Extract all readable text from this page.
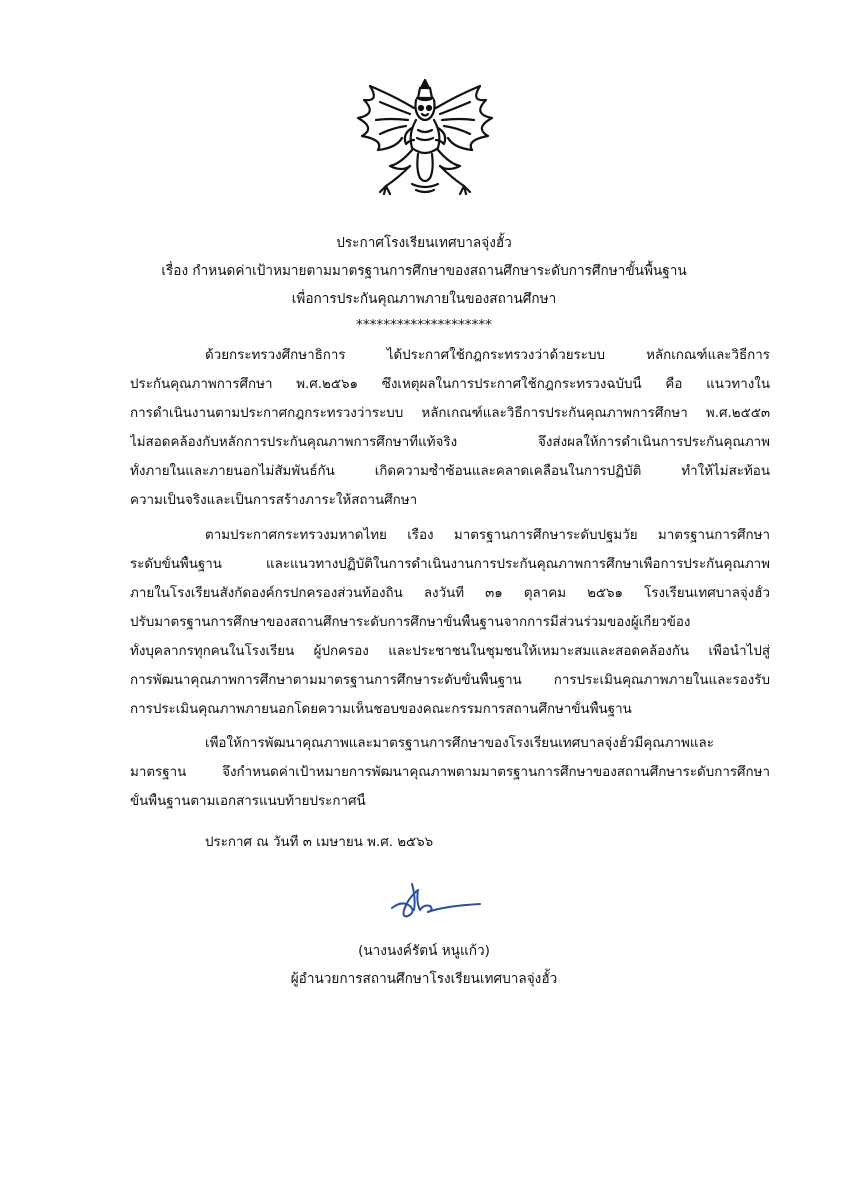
ประกาศโรงเรียนเทศบาลจุ่งฮั้ว
เรื่อง กำหนดค่าเป้าหมายตามมาตรฐานการศึกษาของสถานศึกษาระดับการศึกษาขั้นพื้นฐาน
เพื่อการประกันคุณภาพภายในของสถานศึกษา
********************
ด้วยกระทรวงศึกษาธิการ ได้ประกาศใช้กฎกระทรวงว่าด้วยระบบ หลักเกณฑ์และวิธีการ
ประกันคุณภาพการศึกษา พ.ศ.๒๕๖๑ ซึ่งเหตุผลในการประกาศใช้กฎกระทรวงฉบับนี้ คือ แนวทางใน
การดำเนินงานตามประกาศกฎกระทรวงว่าระบบ หลักเกณฑ์และวิธีการประกันคุณภาพการศึกษา พ.ศ.๒๕๕๓
ไม่สอดคล้องกับหลักการประกันคุณภาพการศึกษาที่แท้จริง จึงส่งผลให้การดำเนินการประกันคุณภาพ
ทั้งภายในและภายนอกไม่สัมพันธ์กัน เกิดความซ้ำซ้อนและคลาดเคลื่อนในการปฏิบัติ ทำให้ไม่สะท้อน
ความเป็นจริงและเป็นการสร้างภาระให้สถานศึกษา
ตามประกาศกระทรวงมหาดไทย เรื่อง มาตรฐานการศึกษาระดับปฐมวัย มาตรฐานการศึกษา
ระดับขั้นพื้นฐาน และแนวทางปฏิบัติในการดำเนินงานการประกันคุณภาพการศึกษาเพื่อการประกันคุณภาพ
ภายในโรงเรียนสังกัดองค์กรปกครองส่วนท้องถิ่น ลงวันที่ ๓๑ ตุลาคม ๒๕๖๑ โรงเรียนเทศบาลจุ่งฮั้ว
ปรับมาตรฐานการศึกษาของสถานศึกษาระดับการศึกษาขั้นพื้นฐานจากการมีส่วนร่วมของผู้เกี่ยวข้อง
ทั้งบุคลากรทุกคนในโรงเรียน ผู้ปกครอง และประชาชนในชุมชนให้เหมาะสมและสอดคล้องกัน เพื่อนำไปสู่
การพัฒนาคุณภาพการศึกษาตามมาตรฐานการศึกษาระดับขั้นพื้นฐาน การประเมินคุณภาพภายในและรองรับ
การประเมินคุณภาพภายนอกโดยความเห็นชอบของคณะกรรมการสถานศึกษาขั้นพื้นฐาน
เพื่อให้การพัฒนาคุณภาพและมาตรฐานการศึกษาของโรงเรียนเทศบาลจุ่งฮั้วมีคุณภาพและ
มาตรฐาน จึงกำหนดค่าเป้าหมายการพัฒนาคุณภาพตามมาตรฐานการศึกษาของสถานศึกษาระดับการศึกษา
ขั้นพื้นฐานตามเอกสารแนบท้ายประกาศนี้
ประกาศ ณ วันที่ ๓ เมษายน พ.ศ. ๒๕๖๖
(นางนงค์รัตน์ หนูแก้ว)
ผู้อำนวยการสถานศึกษาโรงเรียนเทศบาลจุ่งฮั้ว
